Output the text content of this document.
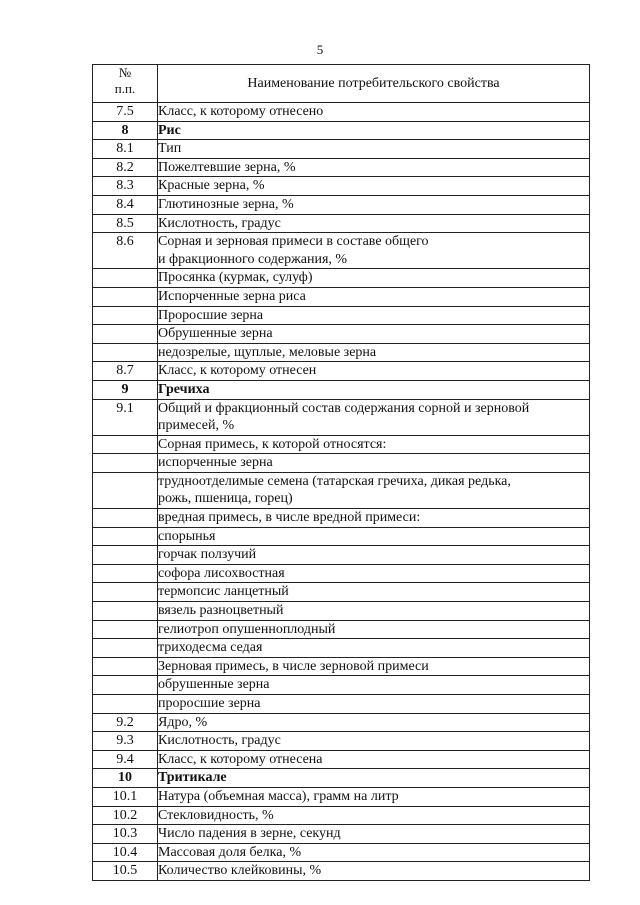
5
№
п.п.	Наименование потребительского свойства
7.5	Класс, к которому отнесено

8	Рис

8.1	Тип

8.2	Пожелтевшие зерна, %

8.3	Красные зерна, %

8.4	Глютинозные зерна, %

8.5	Кислотность, градус

8.6	Сорная и зерновая примеси в составе общего
и фракционного содержания, %

	Просянка (курмак, сулуф)

	Испорченные зерна риса

	Проросшие зерна

	Обрушенные зерна

	недозрелые, щуплые, меловые зерна

8.7	Класс, к которому отнесен

9	Гречиха

9.1	Общий и фракционный состав содержания сорной и зерновой
примесей, %

	Сорная примесь, к которой относятся:

	испорченные зерна

	трудноотделимые семена (татарская гречиха, дикая редька,
рожь, пшеница, горец)

	вредная примесь, в числе вредной примеси:

	спорынья

	горчак ползучий

	софора лисохвостная

	термопсис ланцетный

	вязель разноцветный

	гелиотроп опушенноплодный

	триходесма седая

	Зерновая примесь, в числе зерновой примеси

	обрушенные зерна

	проросшие зерна

9.2	Ядро, %

9.3	Кислотность, градус

9.4	Класс, к которому отнесена

10	Тритикале

10.1	Натура (объемная масса), грамм на литр

10.2	Стекловидность, %

10.3	Число падения в зерне, секунд

10.4	Массовая доля белка, %

10.5	Количество клейковины, %
